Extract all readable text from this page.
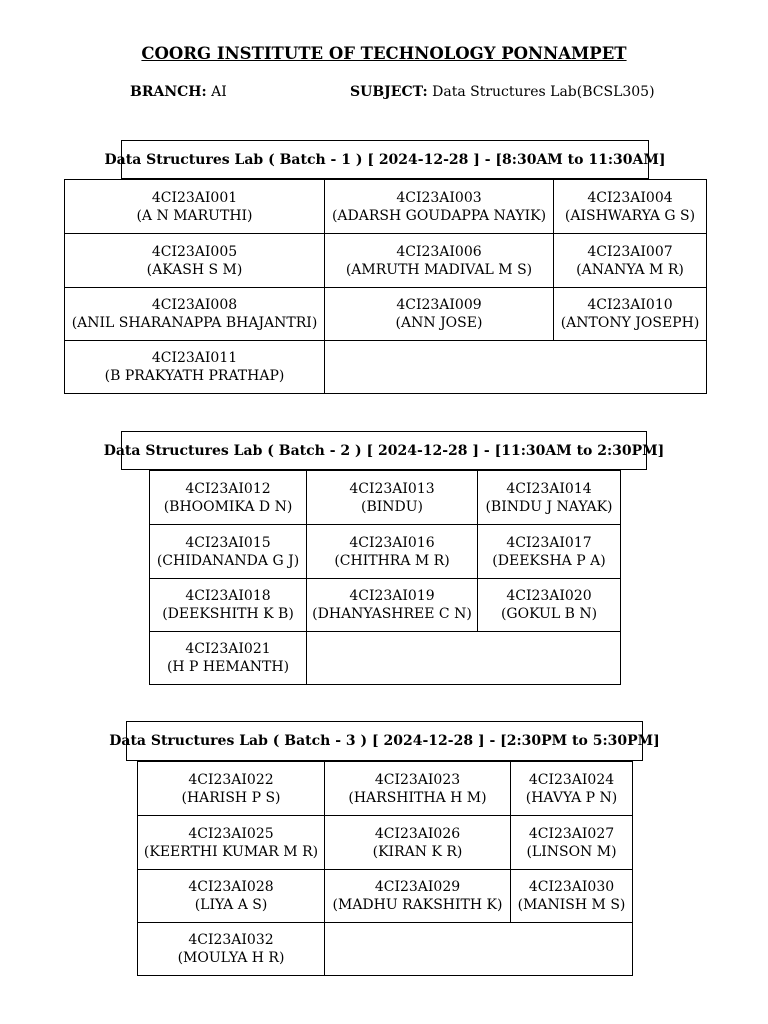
COORG INSTITUTE OF TECHNOLOGY PONNAMPET
BRANCH: AI	SUBJECT: Data Structures Lab(BCSL305)
Data Structures Lab ( Batch - 1 ) [ 2024-12-28 ] - [8:30AM to 11:30AM]
4CI23AI001
(A N MARUTHI)	4CI23AI003
(ADARSH GOUDAPPA NAYIK)	4CI23AI004
(AISHWARYA G S)

4CI23AI005
(AKASH S M)	4CI23AI006
(AMRUTH MADIVAL M S)	4CI23AI007
(ANANYA M R)

4CI23AI008
(ANIL SHARANAPPA BHAJANTRI)	4CI23AI009
(ANN JOSE)	4CI23AI010
(ANTONY JOSEPH)

4CI23AI011
(B PRAKYATH PRATHAP)		

Data Structures Lab ( Batch - 2 ) [ 2024-12-28 ] - [11:30AM to 2:30PM]
4CI23AI012
(BHOOMIKA D N)	4CI23AI013
(BINDU)	4CI23AI014
(BINDU J NAYAK)

4CI23AI015
(CHIDANANDA G J)	4CI23AI016
(CHITHRA M R)	4CI23AI017
(DEEKSHA P A)

4CI23AI018
(DEEKSHITH K B)	4CI23AI019
(DHANYASHREE C N)	4CI23AI020
(GOKUL B N)

4CI23AI021
(H P HEMANTH)		

Data Structures Lab ( Batch - 3 ) [ 2024-12-28 ] - [2:30PM to 5:30PM]
4CI23AI022
(HARISH P S)	4CI23AI023
(HARSHITHA H M)	4CI23AI024
(HAVYA P N)

4CI23AI025
(KEERTHI KUMAR M R)	4CI23AI026
(KIRAN K R)	4CI23AI027
(LINSON M)

4CI23AI028
(LIYA A S)	4CI23AI029
(MADHU RAKSHITH K)	4CI23AI030
(MANISH M S)

4CI23AI032
(MOULYA H R)		
